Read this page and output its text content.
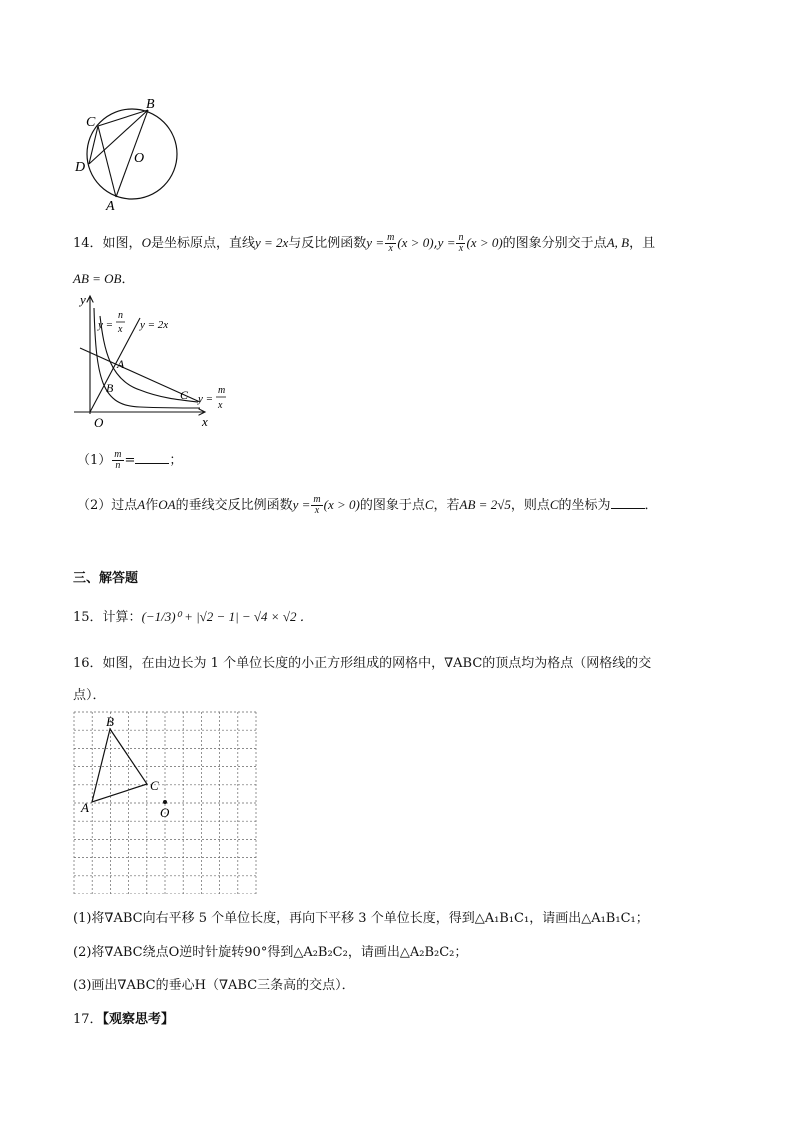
B
C
D
O
A
14．如图，O是坐标原点，直线y = 2x与反比例函数$y = \frac{m}{x} (x > 0),y = \frac{n}{x} (x > 0)$的图象分别交于点A, B，且
AB = OB．
y
x
O
A
B	C
y =
n
x y = 2x
y =
m
x
$(1) \frac{m}{n}$ =	；
（2）过点A作OA的垂线交反比例函数$y = \frac{m}{x} (x > 0)$的图象于点C，若AB = 2√5，则点C的坐标为	．
三、解答题
15．计算：(−1/3)⁰ + |√2 − 1| − √4 × √2 ．
16．如图，在由边长为 1 个单位长度的小正方形组成的网格中，∇ABC的顶点均为格点（网格线的交
点）．
B
A
C
O
(1)将∇ABC向右平移 5 个单位长度，再向下平移 3 个单位长度，得到△A₁B₁C₁，请画出△A₁B₁C₁；
(2)将∇ABC绕点O逆时针旋转90°得到△A₂B₂C₂，请画出△A₂B₂C₂；
(3)画出∇ABC的垂心H（∇ABC三条高的交点）．
17．【观察思考】
